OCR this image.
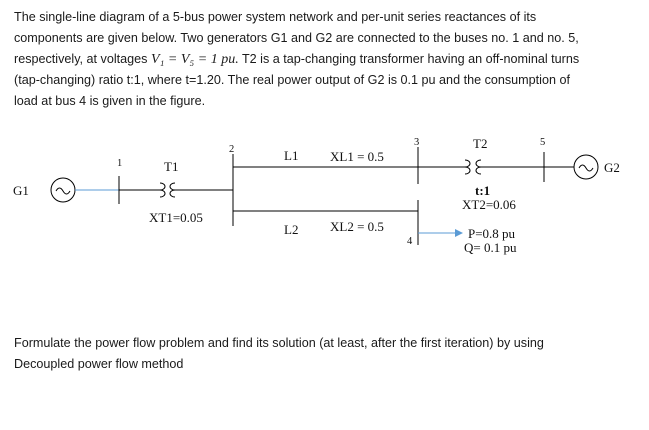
The single-line diagram of a 5-bus power system network and per-unit series reactances of its
components are given below. Two generators G1 and G2 are connected to the buses no. 1 and no. 5,
respectively, at voltages V₁ = V₅ = 1 pu. T2 is a tap-changing transformer having an off-nominal turns
(tap-changing) ratio t:1, where t=1.20. The real power output of G2 is 0.1 pu and the consumption of
load at bus 4 is given in the figure.
G1
G2
1
2
3
4
5
T1
T2
L1
L2
XT1=0.05
XL1 = 0.5
XL2 = 0.5
t:1
XT2=0.06
P=0.8 pu
Q= 0.1 pu
Formulate the power flow problem and find its solution (at least, after the first iteration) by using
Decoupled power flow method
